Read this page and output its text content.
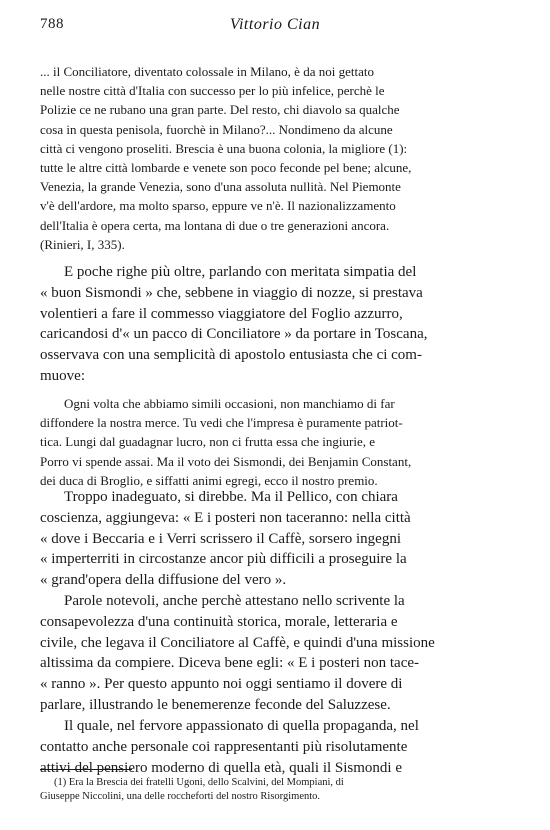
788	Vittorio Cian

... il Conciliatore, diventato colossale in Milano, è da noi gettato

nelle nostre città d'Italia con successo per lo più infelice, perchè le

Polizie ce ne rubano una gran parte. Del resto, chi diavolo sa qualche

cosa in questa penisola, fuorchè in Milano?... Nondimeno da alcune

città ci vengono proseliti. Brescia è una buona colonia, la migliore (1):

tutte le altre città lombarde e venete son poco feconde pel bene; alcune,

Venezia, la grande Venezia, sono d'una assoluta nullità. Nel Piemonte

v'è dell'ardore, ma molto sparso, eppure ve n'è. Il nazionalizzamento

dell'Italia è opera certa, ma lontana di due o tre generazioni ancora.

(Rinieri, I, 335).

E poche righe più oltre, parlando con meritata simpatia del

« buon Sismondi » che, sebbene in viaggio di nozze, si prestava

volentieri a fare il commesso viaggiatore del Foglio azzurro,

caricandosi d'« un pacco di Conciliatore » da portare in Toscana,

osservava con una semplicità di apostolo entusiasta che ci com-

muove:

Ogni volta che abbiamo simili occasioni, non manchiamo di far

diffondere la nostra merce. Tu vedi che l'impresa è puramente patriot-

tica. Lungi dal guadagnar lucro, non ci frutta essa che ingiurie, e

Porro vi spende assai. Ma il voto dei Sismondi, dei Benjamin Constant,

dei duca di Broglio, e siffatti animi egregi, ecco il nostro premio.

Troppo inadeguato, si direbbe. Ma il Pellico, con chiara

coscienza, aggiungeva: « E i posteri non taceranno: nella città

« dove i Beccaria e i Verri scrissero il Caffè, sorsero ingegni

« imperterriti in circostanze ancor più difficili a proseguire la

« grand'opera della diffusione del vero ».

Parole notevoli, anche perchè attestano nello scrivente la

consapevolezza d'una continuità storica, morale, letteraria e

civile, che legava il Conciliatore al Caffè, e quindi d'una missione

altissima da compiere. Diceva bene egli: « E i posteri non tace-

« ranno ». Per questo appunto noi oggi sentiamo il dovere di

parlare, illustrando le benemerenze feconde del Saluzzese.

Il quale, nel fervore appassionato di quella propaganda, nel

contatto anche personale coi rappresentanti più risolutamente

attivi del pensiero moderno di quella età, quali il Sismondi e

(1) Era la Brescia dei fratelli Ugoni, dello Scalvini, del Mompiani, di

Giuseppe Niccolini, una delle roccheforti del nostro Risorgimento.
